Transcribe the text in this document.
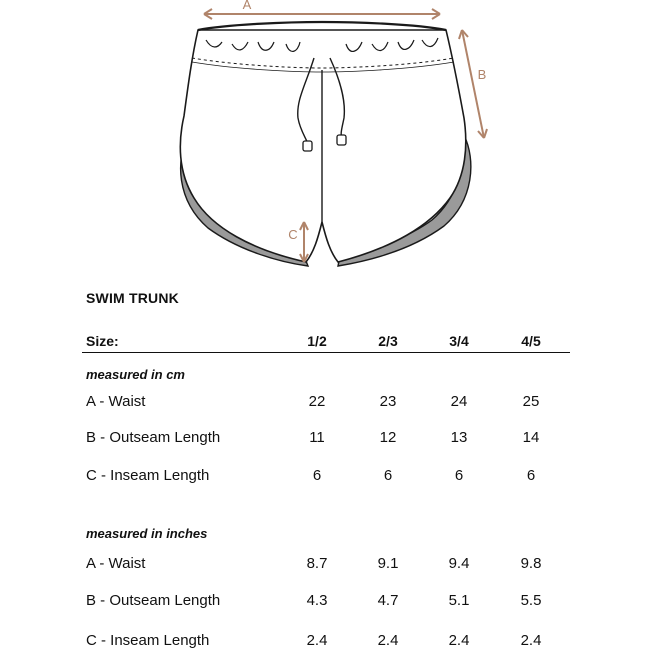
A
B
C
SWIM TRUNK
Size:	1/2	2/3	3/4	4/5
measured in cm
A - Waist	22	23	24	25
B - Outseam Length	11	12	13	14
C - Inseam Length	6	6	6	6
measured in inches
A - Waist	8.7	9.1	9.4	9.8
B - Outseam Length	4.3	4.7	5.1	5.5
C - Inseam Length	2.4	2.4	2.4	2.4
